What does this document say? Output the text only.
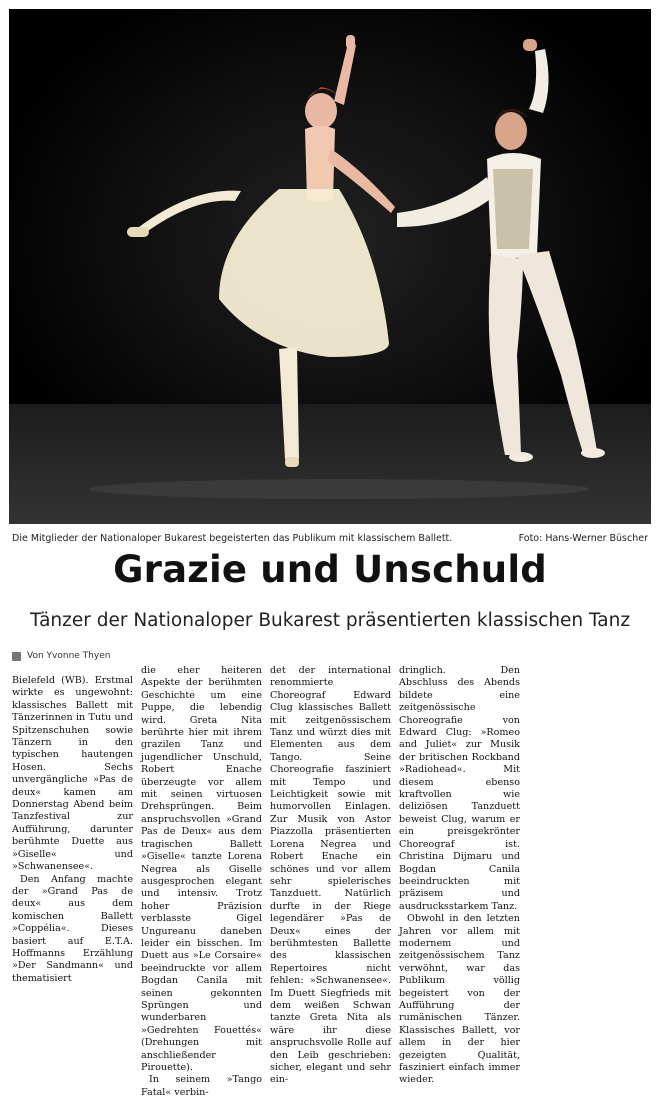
Die Mitglieder der Nationaloper Bukarest begeisterten das Publikum mit klassischem Ballett.	Foto: Hans-Werner Büscher
Grazie und Unschuld
Tänzer der Nationaloper Bukarest präsentierten klassischen Tanz
Von Yvonne Thyen

Bielefeld (WB). Erstmal wirkte es ungewohnt: klassisches Ballett mit Tänzerinnen in Tutu und Spitzenschuhen sowie Tänzern in den typischen hautengen Hosen. Sechs unvergängliche »Pas de deux« kamen am Donnerstag Abend beim Tanzfestival zur Aufführung, darunter berühmte Duette aus »Giselle« und »Schwanensee«.

Den Anfang machte der »Grand Pas de deux« aus dem komischen Ballett »Coppélia«. Dieses basiert auf E.T.A. Hoffmanns Erzählung »Der Sandmann« und thematisiert

die eher heiteren Aspekte der berühmten Geschichte um eine Puppe, die lebendig wird. Greta Nita berührte hier mit ihrem grazilen Tanz und jugendlicher Unschuld, Robert Enache überzeugte vor allem mit seinen virtuosen Drehsprüngen. Beim anspruchsvollen »Grand Pas de Deux« aus dem tragischen Ballett »Giselle« tanzte Lorena Negrea als Giselle ausgesprochen elegant und intensiv. Trotz hoher Präzision verblasste Gigel Ungureanu daneben leider ein bisschen. Im Duett aus »Le Corsaire« beeindruckte vor allem Bogdan Canila mit seinen gekonnten Sprüngen und wunderbaren »Gedrehten Fouettés« (Drehungen mit anschließender Pirouette).

In seinem »Tango Fatal« verbin-

det der international renommierte Choreograf Edward Clug klassisches Ballett mit zeitgenössischem Tanz und würzt dies mit Elementen aus dem Tango. Seine Choreografie fasziniert mit Tempo und Leichtigkeit sowie mit humorvollen Einlagen. Zur Musik von Astor Piazzolla präsentierten Lorena Negrea und Robert Enache ein schönes und vor allem sehr spielerisches Tanzduett. Natürlich durfte in der Riege legendärer »Pas de Deux« eines der berühmtesten Ballette des klassischen Repertoires nicht fehlen: »Schwanensee«. Im Duett Siegfrieds mit dem weißen Schwan tanzte Greta Nita als wäre ihr diese anspruchsvolle Rolle auf den Leib geschrieben: sicher, elegant und sehr ein-

dringlich. Den Abschluss des Abends bildete eine zeitgenössische Choreografie von Edward Clug: »Romeo and Juliet« zur Musik der britischen Rockband »Radiohead«. Mit diesem ebenso kraftvollen wie deliziösen Tanzduett beweist Clug, warum er ein preisgekrönter Choreograf ist. Christina Dijmaru und Bogdan Canila beeindruckten mit präzisem und ausdrucksstarkem Tanz.

Obwohl in den letzten Jahren vor allem mit modernem und zeitgenössischem Tanz verwöhnt, war das Publikum völlig begeistert von der Aufführung der rumänischen Tänzer. Klassisches Ballett, vor allem in der hier gezeigten Qualität, fasziniert einfach immer wieder.
